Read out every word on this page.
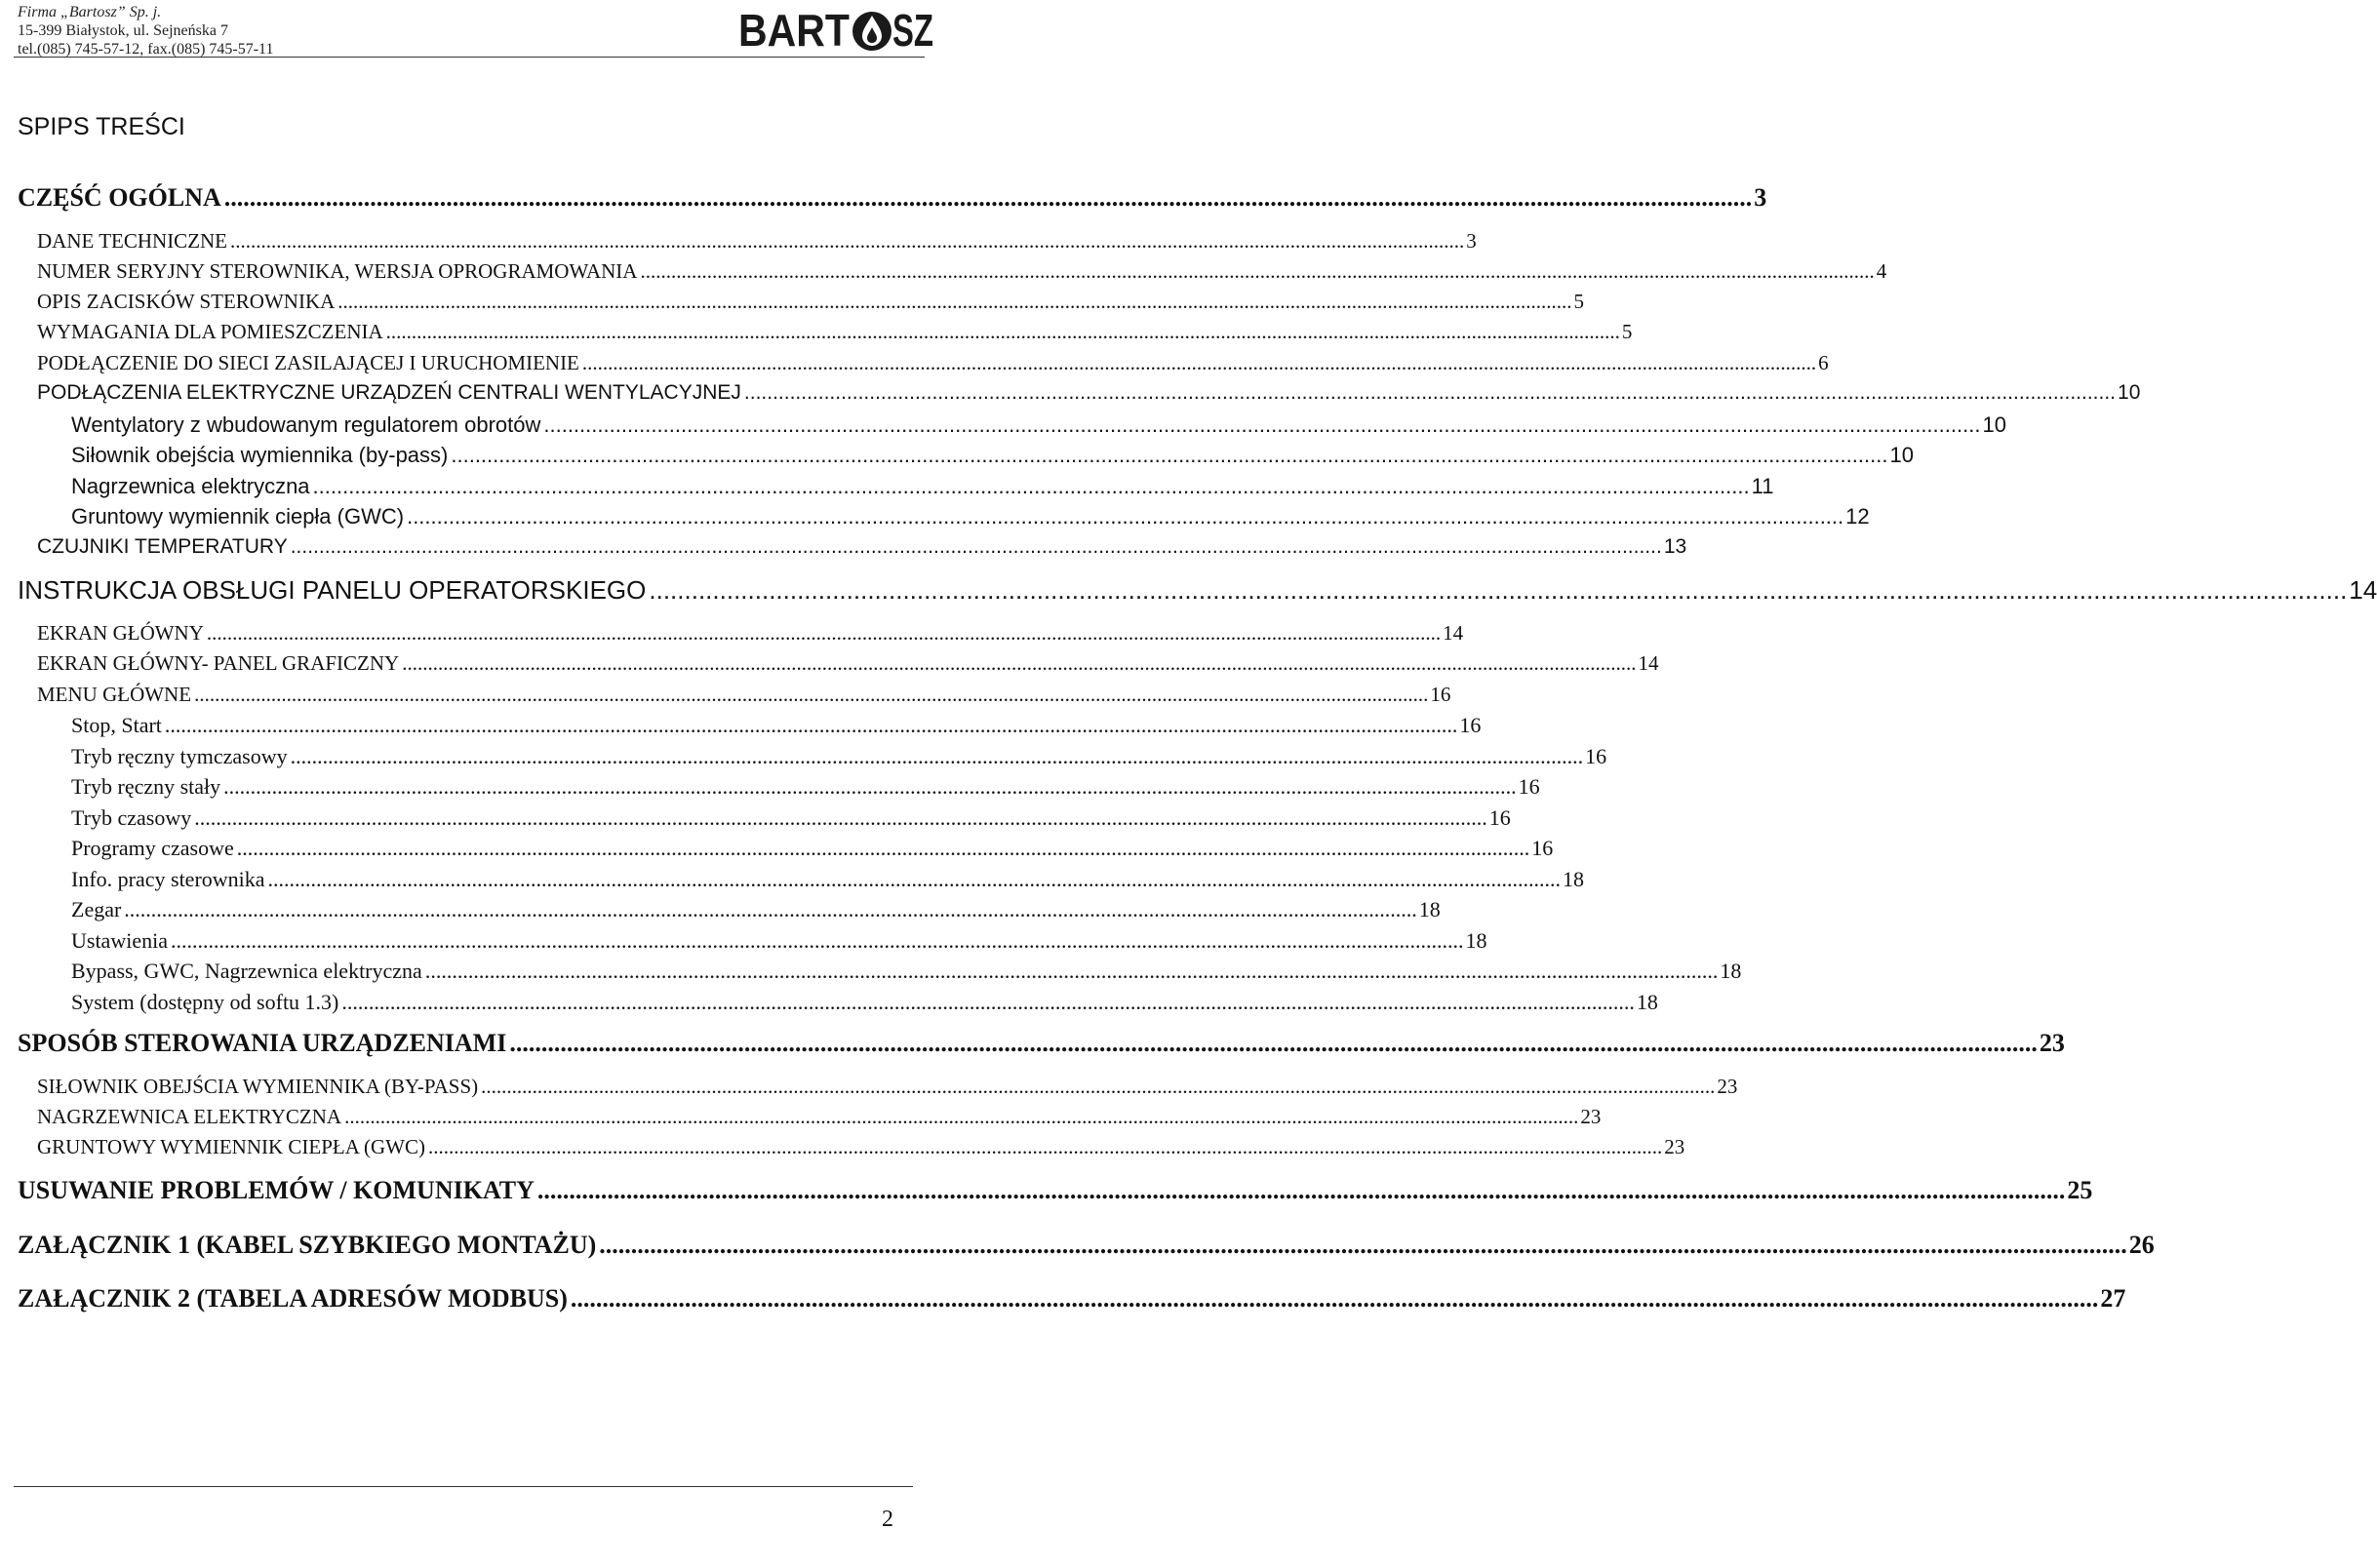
Firma „Bartosz” Sp. j.
15-399 Białystok, ul. Sejneńska 7
tel.(085) 745-57-12, fax.(085) 745-57-11	BART SZ
SPIPS TREŚCI
CZĘŚĆ OGÓLNA .....	3
DANE TECHNICZNE .....	3
NUMER SERYJNY STEROWNIKA, WERSJA OPROGRAMOWANIA .....	4
OPIS ZACISKÓW STEROWNIKA .....	5
WYMAGANIA DLA POMIESZCZENIA .....	5
PODŁĄCZENIE DO SIECI ZASILAJĄCEJ I URUCHOMIENIE .....	6
PODŁĄCZENIA ELEKTRYCZNE URZĄDZEŃ CENTRALI WENTYLACYJNEJ .....	10
Wentylatory z wbudowanym regulatorem obrotów .....	10
Siłownik obejścia wymiennika (by-pass) .....	10
Nagrzewnica elektryczna .....	11
Gruntowy wymiennik ciepła (GWC) .....	12
CZUJNIKI TEMPERATURY .....	13
INSTRUKCJA OBSŁUGI PANELU OPERATORSKIEGO .....	14
EKRAN GŁÓWNY .....	14
EKRAN GŁÓWNY- PANEL GRAFICZNY .....	14
MENU GŁÓWNE .....	16
Stop, Start .....	16
Tryb ręczny tymczasowy .....	16
Tryb ręczny stały .....	16
Tryb czasowy .....	16
Programy czasowe .....	16
Info. pracy sterownika .....	18
Zegar .....	18
Ustawienia .....	18
Bypass, GWC, Nagrzewnica elektryczna .....	18
System (dostępny od softu 1.3) .....	18
SPOSÓB STEROWANIA URZĄDZENIAMI .....	23
SIŁOWNIK OBEJŚCIA WYMIENNIKA (BY-PASS) .....	23
NAGRZEWNICA ELEKTRYCZNA .....	23
GRUNTOWY WYMIENNIK CIEPŁA (GWC) .....	23
USUWANIE PROBLEMÓW / KOMUNIKATY .....	25
ZAŁĄCZNIK 1 (KABEL SZYBKIEGO MONTAŻU) .....	26
ZAŁĄCZNIK 2 (TABELA ADRESÓW MODBUS) .....	27
2
